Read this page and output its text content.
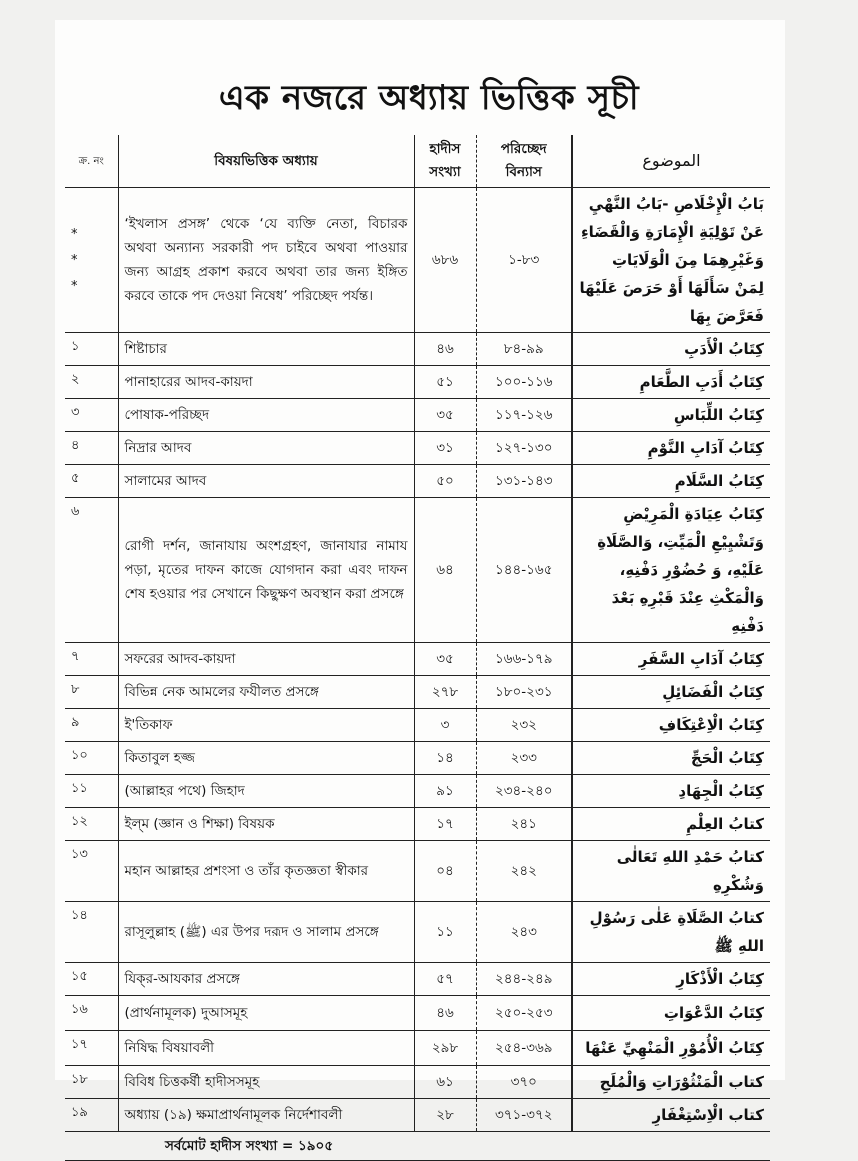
এক নজরে অধ্যায় ভিত্তিক সূচী
ক্র. নং	বিষয়ভিত্তিক অধ্যায়	হাদীস সংখ্যা	পরিচ্ছেদ বিন্যাস	الموضوع
*
*
*	‘ইখলাস প্রসঙ্গ’ থেকে ‘যে ব্যক্তি নেতা, বিচারক অথবা অন্যান্য সরকারী পদ চাইবে অথবা পাওয়ার জন্য আগ্রহ প্রকাশ করবে অথবা তার জন্য ইঙ্গিত করবে তাকে পদ দেওয়া নিষেধ’ পরিচ্ছেদ পর্যন্ত।	৬৮৬	১-৮৩	بَابُ الْإِخْلَاصِ -بَابُ النَّهْيِ عَنْ تَوْلِيَةِ الْإِمَارَةِ وَالْقَضَاءِ وَغَيْرِهِمَا مِنَ الْوَلَايَاتِ لِمَنْ سَأَلَهَا أَوْ حَرَصَ عَلَيْهَا فَعَرَّضَ بِهَا
১	শিষ্টাচার	৪৬	৮৪-৯৯	كِتَابُ الْأَدَبِ
২	পানাহারের আদব-কায়দা	৫১	১০০-১১৬	كِتَابُ أَدَبِ الطَّعَامِ
৩	পোষাক-পরিচ্ছদ	৩৫	১১৭-১২৬	كِتَابُ اللِّبَاسِ
৪	নিদ্রার আদব	৩১	১২৭-১৩০	كِتَابُ آدَابِ النَّوْمِ
৫	সালামের আদব	৫০	১৩১-১৪৩	كِتَابُ السَّلَامِ
৬	রোগী দর্শন, জানাযায় অংশগ্রহণ, জানাযার নামায পড়া, মৃতের দাফন কাজে যোগদান করা এবং দাফন শেষ হওয়ার পর সেখানে কিছুক্ষণ অবস্থান করা প্রসঙ্গে	৬৪	১৪৪-১৬৫	كِتَابُ عِيَادَةِ الْمَرِيْضِ وَتَشْيِيْعِ الْمَيِّتِ، وَالصَّلَاةِ عَلَيْهِ، وَ حُضُوْرِ دَفْنِهِ، وَالْمَكْثِ عِنْدَ قَبْرِهِ بَعْدَ دَفْنِهِ
৭	সফরের আদব-কায়দা	৩৫	১৬৬-১৭৯	كِتَابُ آدَابِ السَّفَرِ
৮	বিভিন্ন নেক আমলের ফযীলত প্রসঙ্গে	২৭৮	১৮০-২৩১	كِتَابُ الْفَضَائِلِ
৯	ই'তিকাফ	৩	২৩২	كِتَابُ الْاِعْتِكَافِ
১০	কিতাবুল হজ্জ	১৪	২৩৩	كِتَابُ الْحَجِّ
১১	(আল্লাহর পথে) জিহাদ	৯১	২৩৪-২৪০	كِتَابُ الْجِهَادِ
১২	ইল্‌ম (জ্ঞান ও শিক্ষা) বিষয়ক	১৭	২৪১	كتابُ العِلْمِ
১৩	মহান আল্লাহর প্রশংসা ও তাঁর কৃতজ্ঞতা স্বীকার	০৪	২৪২	كتابُ حَمْدِ اللهِ تَعَالٰى وَشُكْرِهِ
১৪	রাসূলুল্লাহ (ﷺ) এর উপর দরূদ ও সালাম প্রসঙ্গে	১১	২৪৩	كتابُ الصَّلَاةِ عَلٰى رَسُوْلِ اللهِ ﷺ
১৫	যিক্‌র-আযকার প্রসঙ্গে	৫৭	২৪৪-২৪৯	كِتَابُ الْأَذْكَارِ
১৬	(প্রার্থনামূলক) দুআসমূহ	৪৬	২৫০-২৫৩	كِتَابُ الدَّعْوَاتِ
১৭	নিষিদ্ধ বিষয়াবলী	২৯৮	২৫৪-৩৬৯	كِتَابُ الْأُمُوْرِ الْمَنْهِيِّ عَنْهَا
১৮	বিবিধ চিত্তকর্ষী হাদীসসমূহ	৬১	৩৭০	كتاب الْمَنْثُوْرَاتِ وَالْمُلَحِ
১৯	অধ্যায় (১৯) ক্ষমাপ্রার্থনামূলক নির্দেশাবলী	২৮	৩৭১-৩৭২	كتاب الْاِسْتِغْفَارِ
সর্বমোট হাদীস সংখ্যা = ১৯০৫				
